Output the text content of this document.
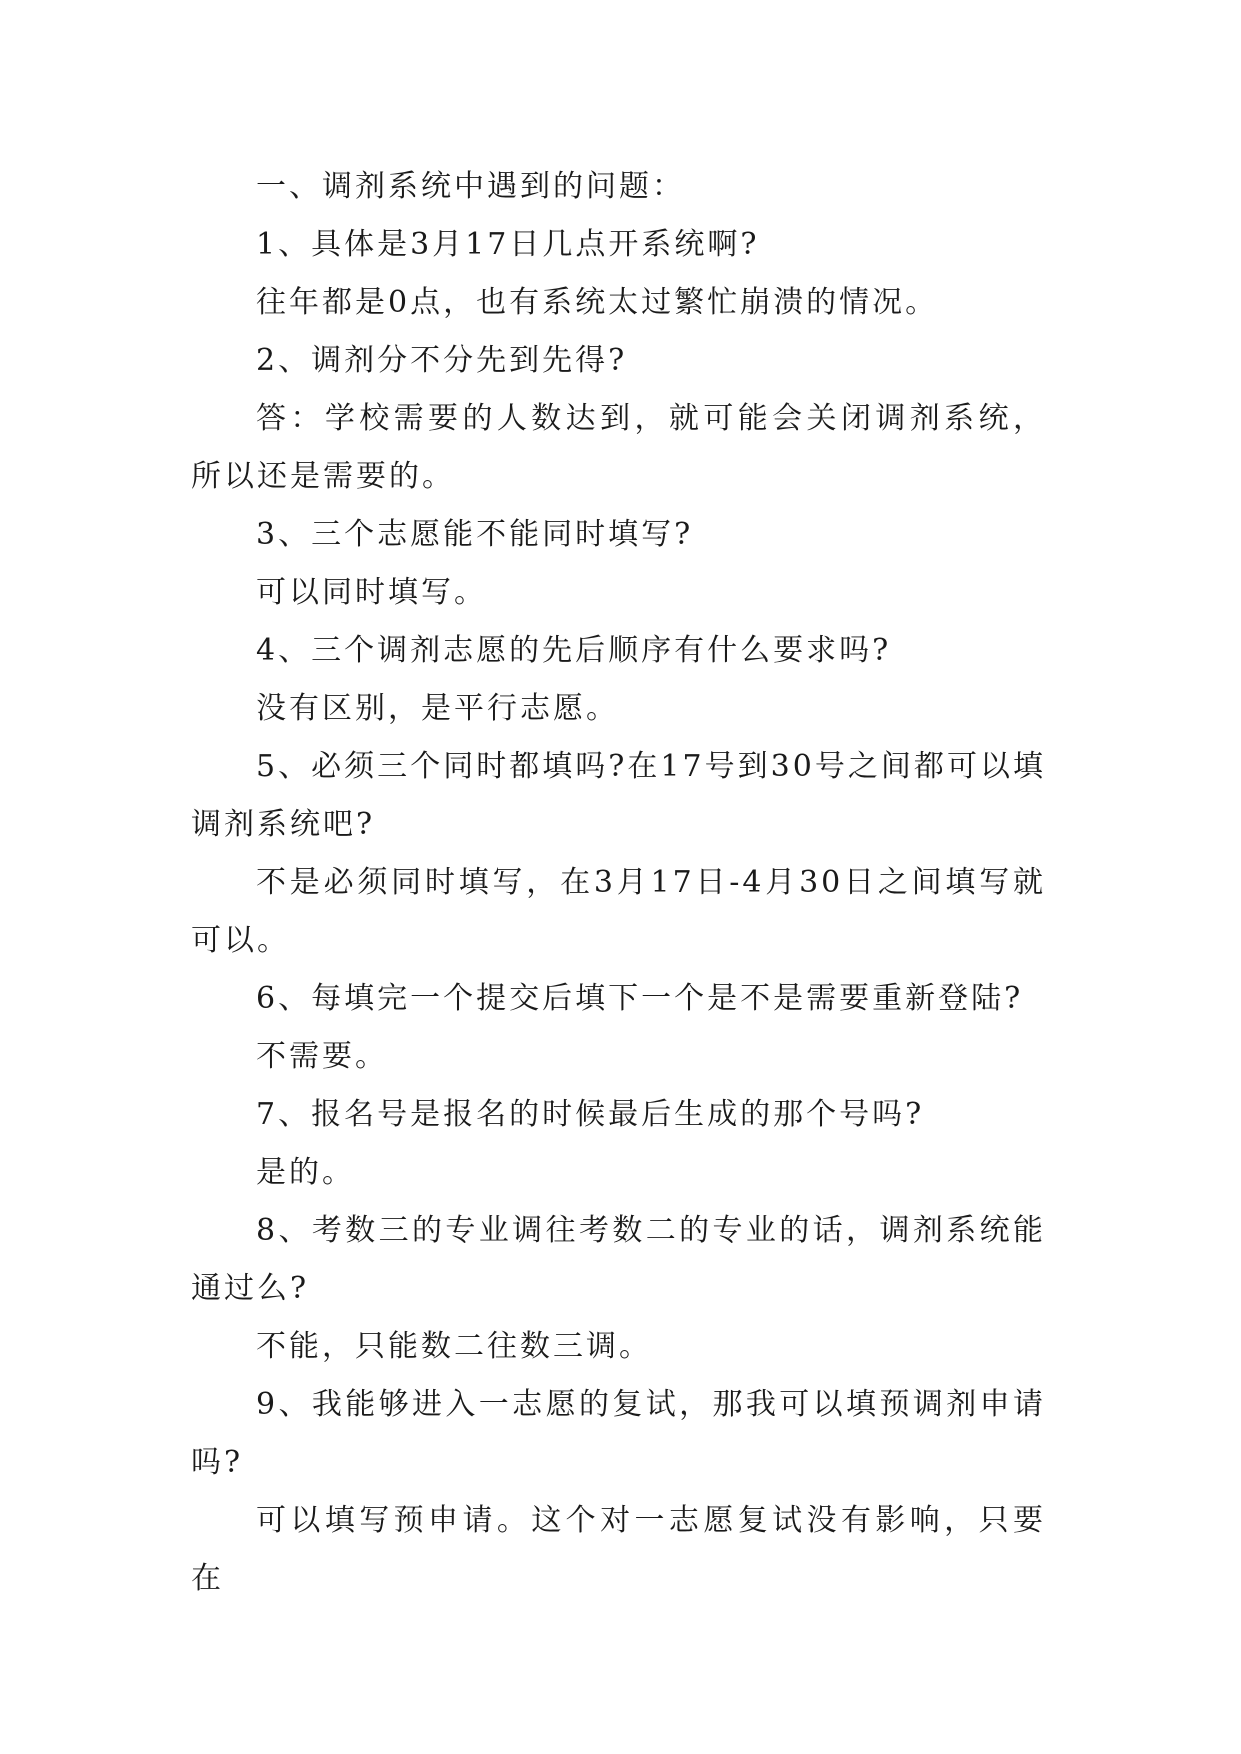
一、调剂系统中遇到的问题：

1、具体是3月17日几点开系统啊?

往年都是0点，也有系统太过繁忙崩溃的情况。

2、调剂分不分先到先得?

答：学校需要的人数达到，就可能会关闭调剂系统，所以还是需要的。

3、三个志愿能不能同时填写?

可以同时填写。

4、三个调剂志愿的先后顺序有什么要求吗?

没有区别，是平行志愿。

5、必须三个同时都填吗?在17号到30号之间都可以填调剂系统吧?

不是必须同时填写，在3月17日-4月30日之间填写就可以。

6、每填完一个提交后填下一个是不是需要重新登陆?

不需要。

7、报名号是报名的时候最后生成的那个号吗?

是的。

8、考数三的专业调往考数二的专业的话，调剂系统能通过么?

不能，只能数二往数三调。

9、我能够进入一志愿的复试，那我可以填预调剂申请吗?

可以填写预申请。这个对一志愿复试没有影响，只要在
